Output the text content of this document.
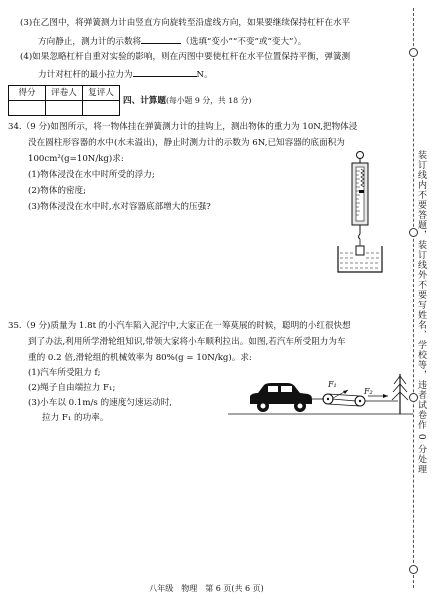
(3)在乙图中，将弹簧测力计由竖直方向旋转至沿虚线方向，如果要继续保持杠杆在水平
方向静止，测力计的示数将	（选填“变小”“不变”或“变大”）。
(4)如果忽略杠杆自重对实验的影响，则在丙图中要使杠杆在水平位置保持平衡，弹簧测
力计对杠杆的最小拉力为	N。
得分	评卷人	复评人

四、计算题(每小题 9 分，共 18 分)
34.（9 分)如图所示，将一物体挂在弹簧测力计的挂钩上，测出物体的重力为 10N,把物体浸
没在圆柱形容器的水中(水未溢出)，静止时测力计的示数为 6N,已知容器的底面积为
100cm²(g=10N/kg)求:
(1)物体浸没在水中时所受的浮力;
(2)物体的密度;
(3)物体浸没在水中时,水对容器底部增大的压强?
35.（9 分)质量为 1.8t 的小汽车陷入泥泞中,大家正在一筹莫展的时候，聪明的小红很快想
到了办法,利用所学滑轮组知识,带领大家将小车顺利拉出。如图,若汽车所受阻力为车
重的 0.2 倍,滑轮组的机械效率为 80%(g = 10N/kg)。求:
(1)汽车所受阻力 f;
(2)绳子自由端拉力 F₁;
(3)小车以 0.1m/s 的速度匀速运动时,
拉力 F₁ 的功率。
F₁
F₂	装订线内不要答题，装订线外不要写姓名、学校等，违者试卷作 0 分处理
八年级　物理　第 6 页(共 6 页)
